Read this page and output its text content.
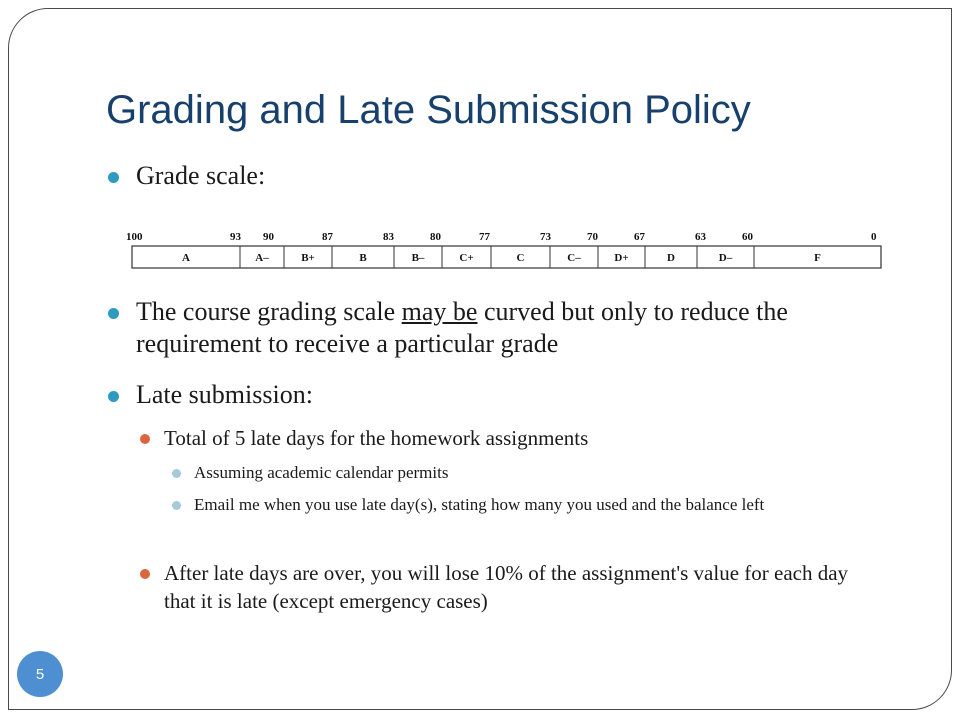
Grading and Late Submission Policy
Grade scale:
100	93 90	87	83	80	77	73	70	67	63	60	0
A	A–	B+	B	B–	C+	C	C–	D+	D	D–	F
The course grading scale may be curved but only to reduce the requirement to receive a particular grade
Late submission:
Total of 5 late days for the homework assignments
Assuming academic calendar permits
Email me when you use late day(s), stating how many you used and the balance left
After late days are over, you will lose 10% of the assignment's value for each day that it is late (except emergency cases)
5
